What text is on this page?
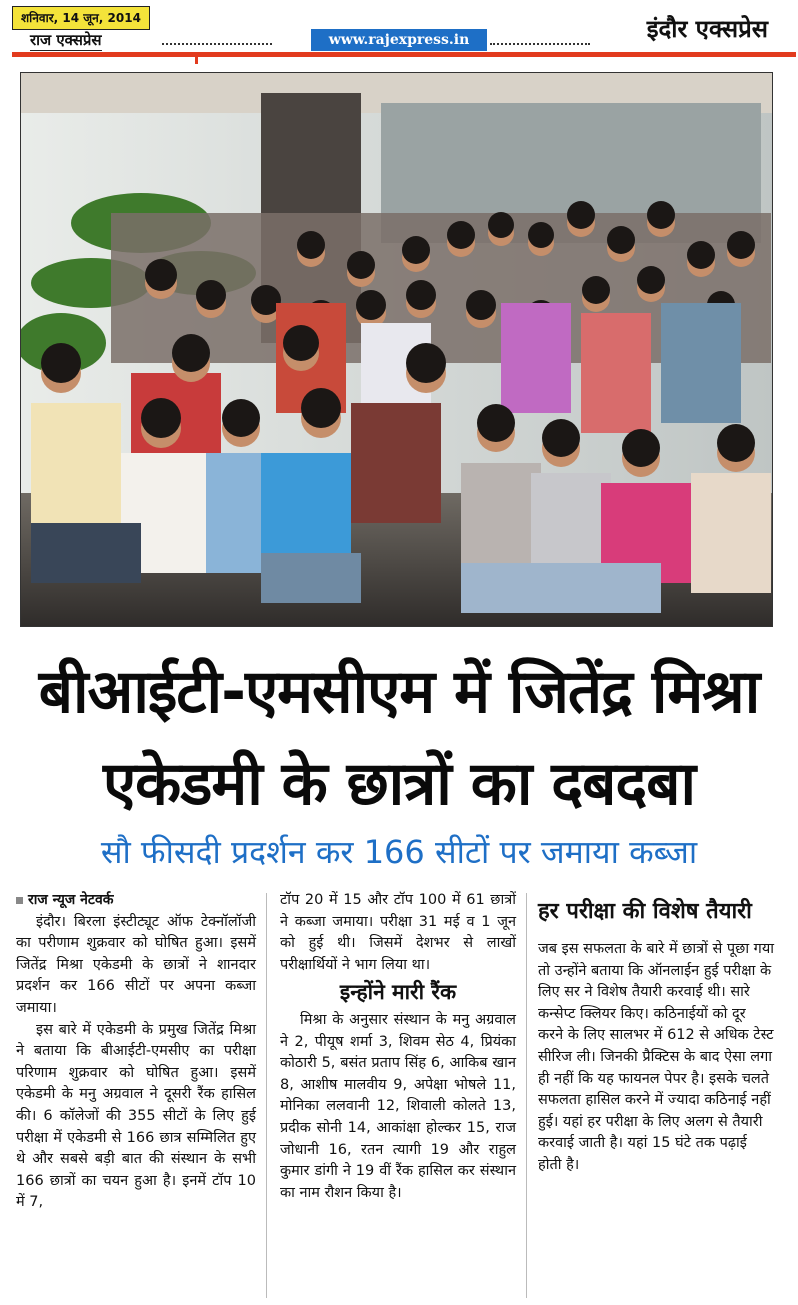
शनिवार, 14 जून, 2014
राज एक्सप्रेस	www.rajexpress.in	इंदौर एक्सप्रेस
बीआईटी-एमसीएम में जितेंद्र मिश्रा
एकेडमी के छात्रों का दबदबा
सौ फीसदी प्रदर्शन कर 166 सीटों पर जमाया कब्जा
राज न्यूज नेटवर्क

इंदौर। बिरला इंस्टीट्यूट ऑफ टेक्नॉलॉजी का परीणाम शुक्रवार को घोषित हुआ। इसमें जितेंद्र मिश्रा एकेडमी के छात्रों ने शानदार प्रदर्शन कर 166 सीटों पर अपना कब्जा जमाया।

इस बारे में एकेडमी के प्रमुख जितेंद्र मिश्रा ने बताया कि बीआईटी-एमसीए का परीक्षा परिणाम शुक्रवार को घोषित हुआ। इसमें एकेडमी के मनु अग्रवाल ने दूसरी रैंक हासिल की। 6 कॉलेजों की 355 सीटों के लिए हुई परीक्षा में एकेडमी से 166 छात्र सम्मिलित हुए थे और सबसे बड़ी बात की संस्थान के सभी 166 छात्रों का चयन हुआ है। इनमें टॉप 10 में 7,

टॉप 20 में 15 और टॉप 100 में 61 छात्रों ने कब्जा जमाया। परीक्षा 31 मई व 1 जून को हुई थी। जिसमें देशभर से लाखों परीक्षार्थियों ने भाग लिया था।

इन्होंने मारी रैंक

मिश्रा के अनुसार संस्थान के मनु अग्रवाल ने 2, पीयूष शर्मा 3, शिवम सेठ 4, प्रियंका कोठारी 5, बसंत प्रताप सिंह 6, आकिब खान 8, आशीष मालवीय 9, अपेक्षा भोषले 11, मोनिका ललवानी 12, शिवाली कोलते 13, प्रदीक सोनी 14, आकांक्षा होल्कर 15, राज जोधानी 16, रतन त्यागी 19 और राहुल कुमार डांगी ने 19 वीं रैंक हासिल कर संस्थान का नाम रौशन किया है।

हर परीक्षा की विशेष तैयारी
जब इस सफलता के बारे में छात्रों से पूछा गया तो उन्होंने बताया कि ऑनलाईन हुई परीक्षा के लिए सर ने विशेष तैयारी करवाई थी। सारे कन्सेप्ट क्लियर किए। कठिनाईयों को दूर करने के लिए सालभर में 612 से अधिक टेस्ट सीरिज ली। जिनकी प्रैक्टिस के बाद ऐसा लगा ही नहीं कि यह फायनल पेपर है। इसके चलते सफलता हासिल करने में ज्यादा कठिनाई नहीं हुई। यहां हर परीक्षा के लिए अलग से तैयारी करवाई जाती है। यहां 15 घंटे तक पढ़ाई होती है।
